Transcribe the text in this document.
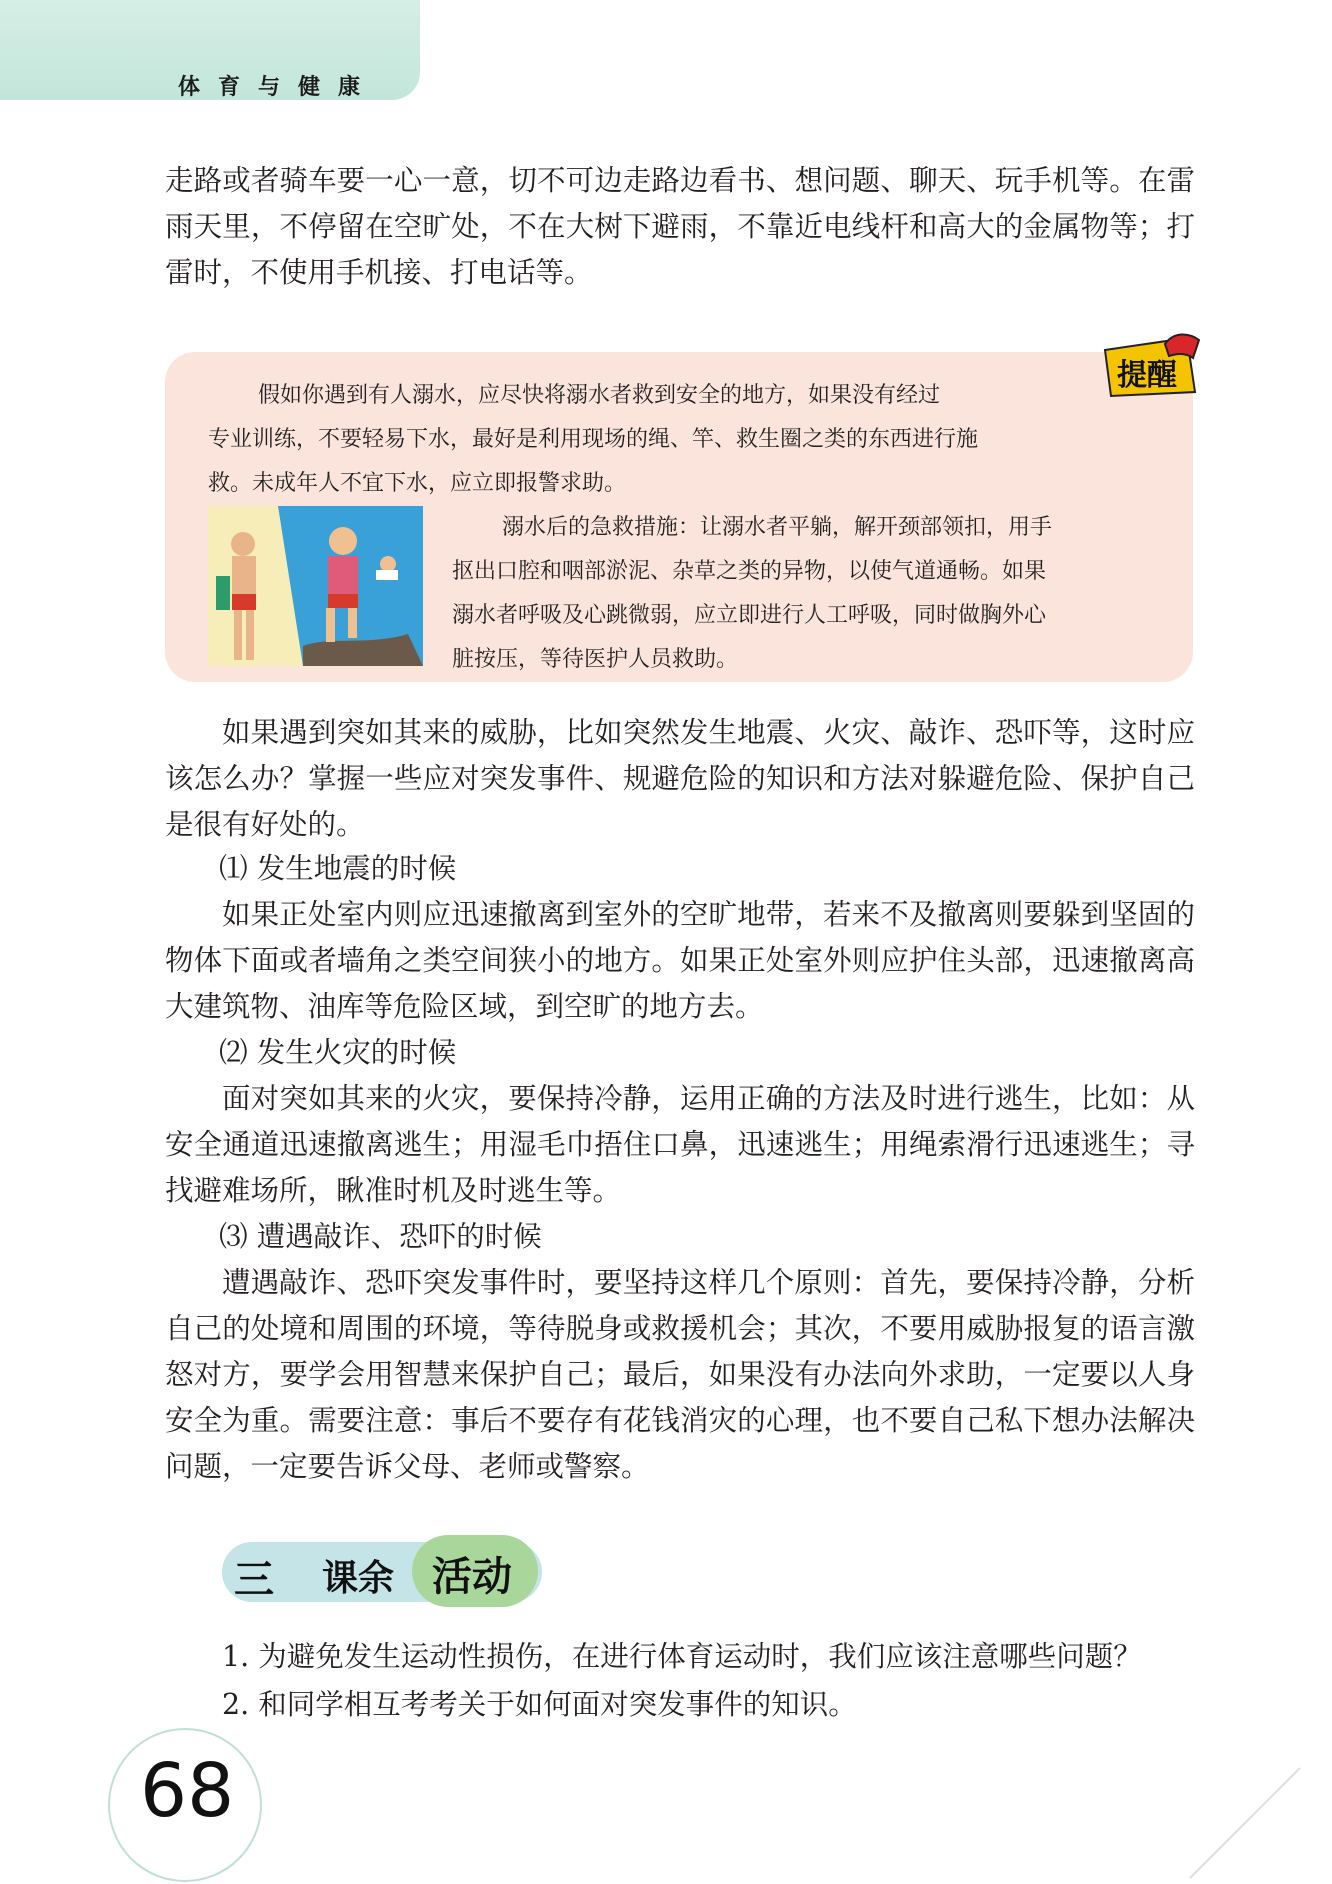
体育与健康

走路或者骑车要一心一意，切不可边走路边看书、想问题、聊天、玩手机等。在雷雨天里，不停留在空旷处，不在大树下避雨，不靠近电线杆和高大的金属物等；打雷时，不使用手机接、打电话等。

提醒

假如你遇到有人溺水，应尽快将溺水者救到安全的地方，如果没有经过

专业训练，不要轻易下水，最好是利用现场的绳、竿、救生圈之类的东西进行施

救。未成年人不宜下水，应立即报警求助。

溺水后的急救措施：让溺水者平躺，解开颈部领扣，用手

抠出口腔和咽部淤泥、杂草之类的异物，以使气道通畅。如果

溺水者呼吸及心跳微弱，应立即进行人工呼吸，同时做胸外心

脏按压，等待医护人员救助。

如果遇到突如其来的威胁，比如突然发生地震、火灾、敲诈、恐吓等，这时应该怎么办？掌握一些应对突发事件、规避危险的知识和方法对躲避危险、保护自己是很有好处的。

⑴ 发生地震的时候

如果正处室内则应迅速撤离到室外的空旷地带，若来不及撤离则要躲到坚固的物体下面或者墙角之类空间狭小的地方。如果正处室外则应护住头部，迅速撤离高大建筑物、油库等危险区域，到空旷的地方去。

⑵ 发生火灾的时候

面对突如其来的火灾，要保持冷静，运用正确的方法及时进行逃生，比如：从安全通道迅速撤离逃生；用湿毛巾捂住口鼻，迅速逃生；用绳索滑行迅速逃生；寻找避难场所，瞅准时机及时逃生等。

⑶ 遭遇敲诈、恐吓的时候

遭遇敲诈、恐吓突发事件时，要坚持这样几个原则：首先，要保持冷静，分析自己的处境和周围的环境，等待脱身或救援机会；其次，不要用威胁报复的语言激怒对方，要学会用智慧来保护自己；最后，如果没有办法向外求助，一定要以人身安全为重。需要注意：事后不要存有花钱消灾的心理，也不要自己私下想办法解决问题，一定要告诉父母、老师或警察。

三 课余 活动

1. 为避免发生运动性损伤，在进行体育运动时，我们应该注意哪些问题？

2. 和同学相互考考关于如何面对突发事件的知识。

68
